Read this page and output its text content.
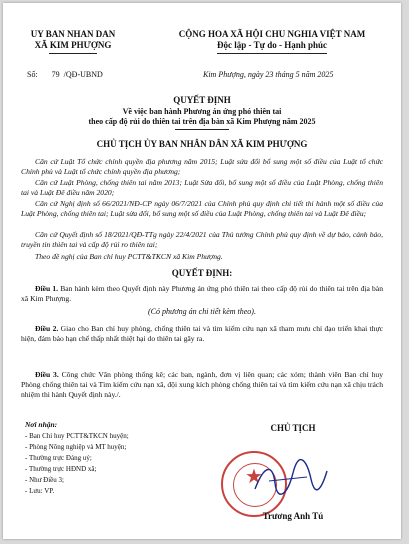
UY BAN NHAN DAN
XÃ KIM PHƯỢNG
CỘNG HOA XÃ HỘI CHU NGHIA VIỆT NAM
Độc lập - Tự do - Hạnh phúc
Số: 79 /QĐ-UBND	Kim Phượng, ngày 23 tháng 5 năm 2025
QUYẾT ĐỊNH
Về việc ban hành Phương án ứng phó thiên tai
theo cấp độ rủi do thiên tai trên địa bàn xã Kim Phượng năm 2025
CHỦ TỊCH ỦY BAN NHÂN DÂN XÃ KIM PHƯỢNG
Căn cứ Luật Tổ chức chính quyền địa phương năm 2015; Luật sửa đổi bổ sung một số điều của Luật tổ chức Chính phủ và Luật tổ chức chính quyền địa phương;
Căn cứ Luật Phòng, chống thiên tai năm 2013; Luật Sửa đổi, bổ sung một số điều của Luật Phòng, chống thiên tai và Luật Đê điều năm 2020;
Căn cứ Nghị định số 66/2021/NĐ-CP ngày 06/7/2021 của Chính phủ quy định chi tiết thi hành một số điều của Luật Phòng, chống thiên tai; Luật sửa đổi, bổ sung một số điều của Luật Phòng, chống thiên tai và Luật Đê điều;
Căn cứ Quyết định số 18/2021/QĐ-TTg ngày 22/4/2021 của Thủ tướng Chính phủ quy định về dự báo, cảnh báo, truyền tin thiên tai và cấp độ rủi ro thiên tai;
Theo đề nghị của Ban chỉ huy PCTT&TKCN xã Kim Phượng.
QUYẾT ĐỊNH:
Điều 1. Ban hành kèm theo Quyết định này Phương án ứng phó thiên tai theo cấp độ rủi do thiên tai trên địa bàn xã Kim Phượng.
(Có phương án chi tiết kèm theo).
Điều 2. Giao cho Ban chỉ huy phòng, chống thiên tai và tìm kiếm cứu nạn xã tham mưu chỉ đạo triển khai thực hiện, đảm bảo hạn chế thấp nhất thiệt hại do thiên tai gây ra.
Điều 3. Công chức Văn phòng thống kê; các ban, ngành, đơn vị liên quan; các xóm; thành viên Ban chỉ huy Phòng chống thiên tai và Tìm kiếm cứu nạn xã, đội xung kích phòng chống thiên tai và tìm kiếm cứu nạn xã chịu trách nhiệm thi hành Quyết định này./.
Nơi nhận:
- Ban Chỉ huy PCTT&TKCN huyện;
- Phòng Nông nghiệp và MT huyện;
- Thường trực Đảng uỷ;
- Thường trực HĐND xã;
- Như Điều 3;
- Lưu: VP.
CHỦ TỊCH
★
Trương Anh Tú
